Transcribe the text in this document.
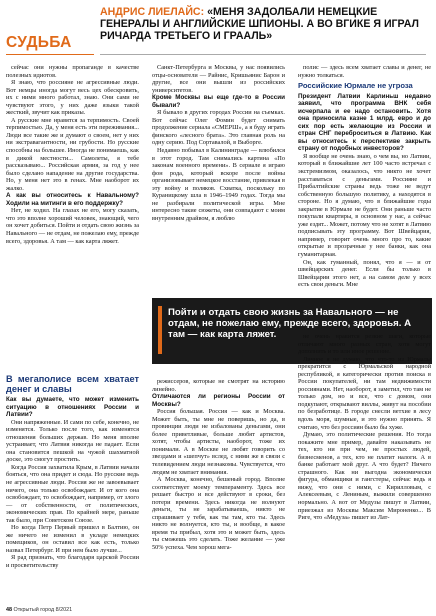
СУДЬБА
АНДРИС ЛИЕЛАЙС: «МЕНЯ ЗАДОЛБАЛИ НЕМЕЦКИЕ ГЕНЕРАЛЫ И АНГЛИЙСКИЕ ШПИОНЫ. А ВО ВГИКЕ Я ИГРАЛ РИЧАРДА ТРЕТЬЕГО И ГРААЛЬ»

сейчас они нужны пропаганде в качестве полезных идиотов.

Я знаю, что россияне не агрессивные люди. Вот немцы иногда могут весь цех обескровить, их с ними много работал, знаю. Они сами не чувствуют этого, у них даже языки такой жесткий, звучит как приказы.

А русские мне нравятся за терпимость. Своей терпимостью. Да, у меня есть эти переживания... Люди все такие же и думают о своем, нет у них ни экстравагантности, ни грубости. Но русские способны на большее. Иногда не понимаешь, как в дикой местности... Самолеты, я тебе рассказываю... Российская армия, за год у нее было сделано нападение на другие государства. Но, у меня нет это в генах. Мне наоборот их жалко.

А как вы относитесь к Навальному? Ходили на митинги в его поддержку?

Нет, не ходил. На глазах не его, могу сказать, что это вполне хороший человек, знающий, чего он хочет добиться. Пойти и отдать свою жизнь за Навального — не отдам, не пожелаю ему, прежде всего, здоровья. А там — как карта ляжет.

В мегаполисе всем хватает денег и славы

Как вы думаете, что может изменить ситуацию в отношениях России и Латвии?

Они напряженные. И сами по себе, конечно, не изменятся. Только после того, как изменятся отношения больших держав. Но меня вполне устраивает, что Латвия никогда не падает. Если она становится пешкой на чужой шахматной доске, это смогут простить.

Когда Россия захватила Крым, в Латвии начали бояться, что она придет и сюда. Но русские ведь не агрессивные люди. Россия же не завоевывает ничего, она только освобождает. И от кого она освобождает, то освобождает, например, от злого — от собственности, от политических, экономических прав. По крайней мере, раньше так было, при Советском Союзе.

Но когда Петр Первый пришел в Балтию, он же ничего не изменил в укладе немецких помещиков, он оставил все как есть, только назвал Петербург. И при нем было лучше...

Я рад признать, что благодаря царской России и просветительству

Санкт-Петербурга и Москвы, у нас появились отцы-основатели — Райнис, Кришьянис Барон и другие, все они вышли из российских университетов.

Кроме Москвы вы еще где-то в России бывали?

Я бывало в других городах России на съемках. Вот сейчас Олег Фомин будет снимать продолжение сериала «СМЕРШ», а я буду играть финского «лесного брата». Это главная роль на одну серию. Под Сортавалой, в Выборге.

Недавно побывал в Калининграде — влюбился в этот город. Там снимались картина «По законам военного времени». В сериале я играю фон рода, который вскоре после войны организовывает немецкое восстание, привлекая в эту войну и поляков. Схватка, поскольку по Кураницкому шла в 1946–1949 годах. Тогда мы не разбирали политической игры. Мне интересно такие сюжеты, они совпадают с моим внутренним драйвом, я люблю

Пойти и отдать свою жизнь за Навального — не отдам, не пожелаю ему, прежде всего, здоровья. А там — как карта ляжет.

режиссеров, которые не смотрят на историю линейно.

Отличаются ли регионы России от Москвы?

Россия большая. Россия — как и Москва. Может быть, ты мне не поверишь, но да, в провинции люди не избалованы деньгами, они более приветливые, больше любят артистов, хотят, чтобы артисты, наоборот, тоже их понимали. А в Москве не любят говорить со звездами и «шепчут» вслед, с ними же в связи с телевидением люди незнакомы. Чувствуется, что людям не хватает внимания.

А Москва, конечно, бешеный город. Вполне соответствует моему темпераменту. Здесь все решает быстро и все действуют в сроки, без потери времени. Здесь никогда не волнуют деньги, ты не зарабатываешь, никто не спрашивает у тебя, как ты там, кто ты. Здесь никто не волнуется, кто ты, и вообще, в какое время ты прибыл, хотя это и может быть, здесь ты сможешь это сделать. Тоже желание — уже 50% успеха. Чем хорош мега-

полис — здесь всем хватает славы и денег, не нужно толкаться.

Российские Юрмале не угроза

Президент Латвии Карлиньш недавно заявил, что программа ВНК себя исчерпала и ее надо остановить. Хотя она приносила казне 1 млрд. евро и до сих пор есть желающие из России и стран СНГ переброситься в Латвию. Как вы относитесь к перспективе закрыть страну от подобных инвесторов?

Я вообще не очень знаю, о чем вы, но Латвии, который в ближайшие лет 100 часто встречал с экстремизмом, оказалось, что никто не хочет расставаться с деньгами. Россияне и Прибалтийские страны ведь тоже не ведут собственную большую политику, а находятся в стороне. Но я думаю, что в ближайшие годы закрытие в Юрмале не будет. Они раньше часто покупали квартиры, в основном у нас, а сейчас уже ездят... Может, потому что не хотят в Латвию подписывать эту программу. Вот Швейцария, например, говорит очень много про то, какие открытые и прозрачные у нее банки, как она гуманитарная.

Он, как гуманный, понял, что я — и от швейцарских денег. Если бы только в Швейцарии этого нет, а на самом деле у всех есть свои деньги. Мне

не очень нравится резкие шаги, которые отличают много разных стран, хотя могут дополнить и то или иное решение.

Личное я не думаю, что что-то из Юрмалы прекратится с Юрмальской народной республикой, я категорически против поиска в России покупателей, ни там недвижимости россиянами. Нет, наоборот, я заметил, что там не только дом, но и все, что с домом, они подкупают, открывают виллы, живут на пособии по безработице. В городе снесли ветхие в лесу вдоль моря, шумные, и это нужно принять. Я считаю, что без россиян было бы хуже.

Думаю, это политические решения. Но тогда покажите мне пример, давайте наказывать не тех, кто ни при чем, не простых людей, бизнесменов, а тех, кто не платит налоги. А в банке работает мой друг. А что будет? Ничего страшного. Как ни выгодна экономически фигура, обманщики и гангстеры, сейчас ведь я вижу, что они с ними, с Кирилловым, с Алексеевым, с Лениным, выжили совершенно нормально. А вот от Медузы пишут в Латвии, приезжал из Москвы Максим Мироненко... В Риге, что «Медуза» пишет из Лат-

48 Открытый город 8/2021
